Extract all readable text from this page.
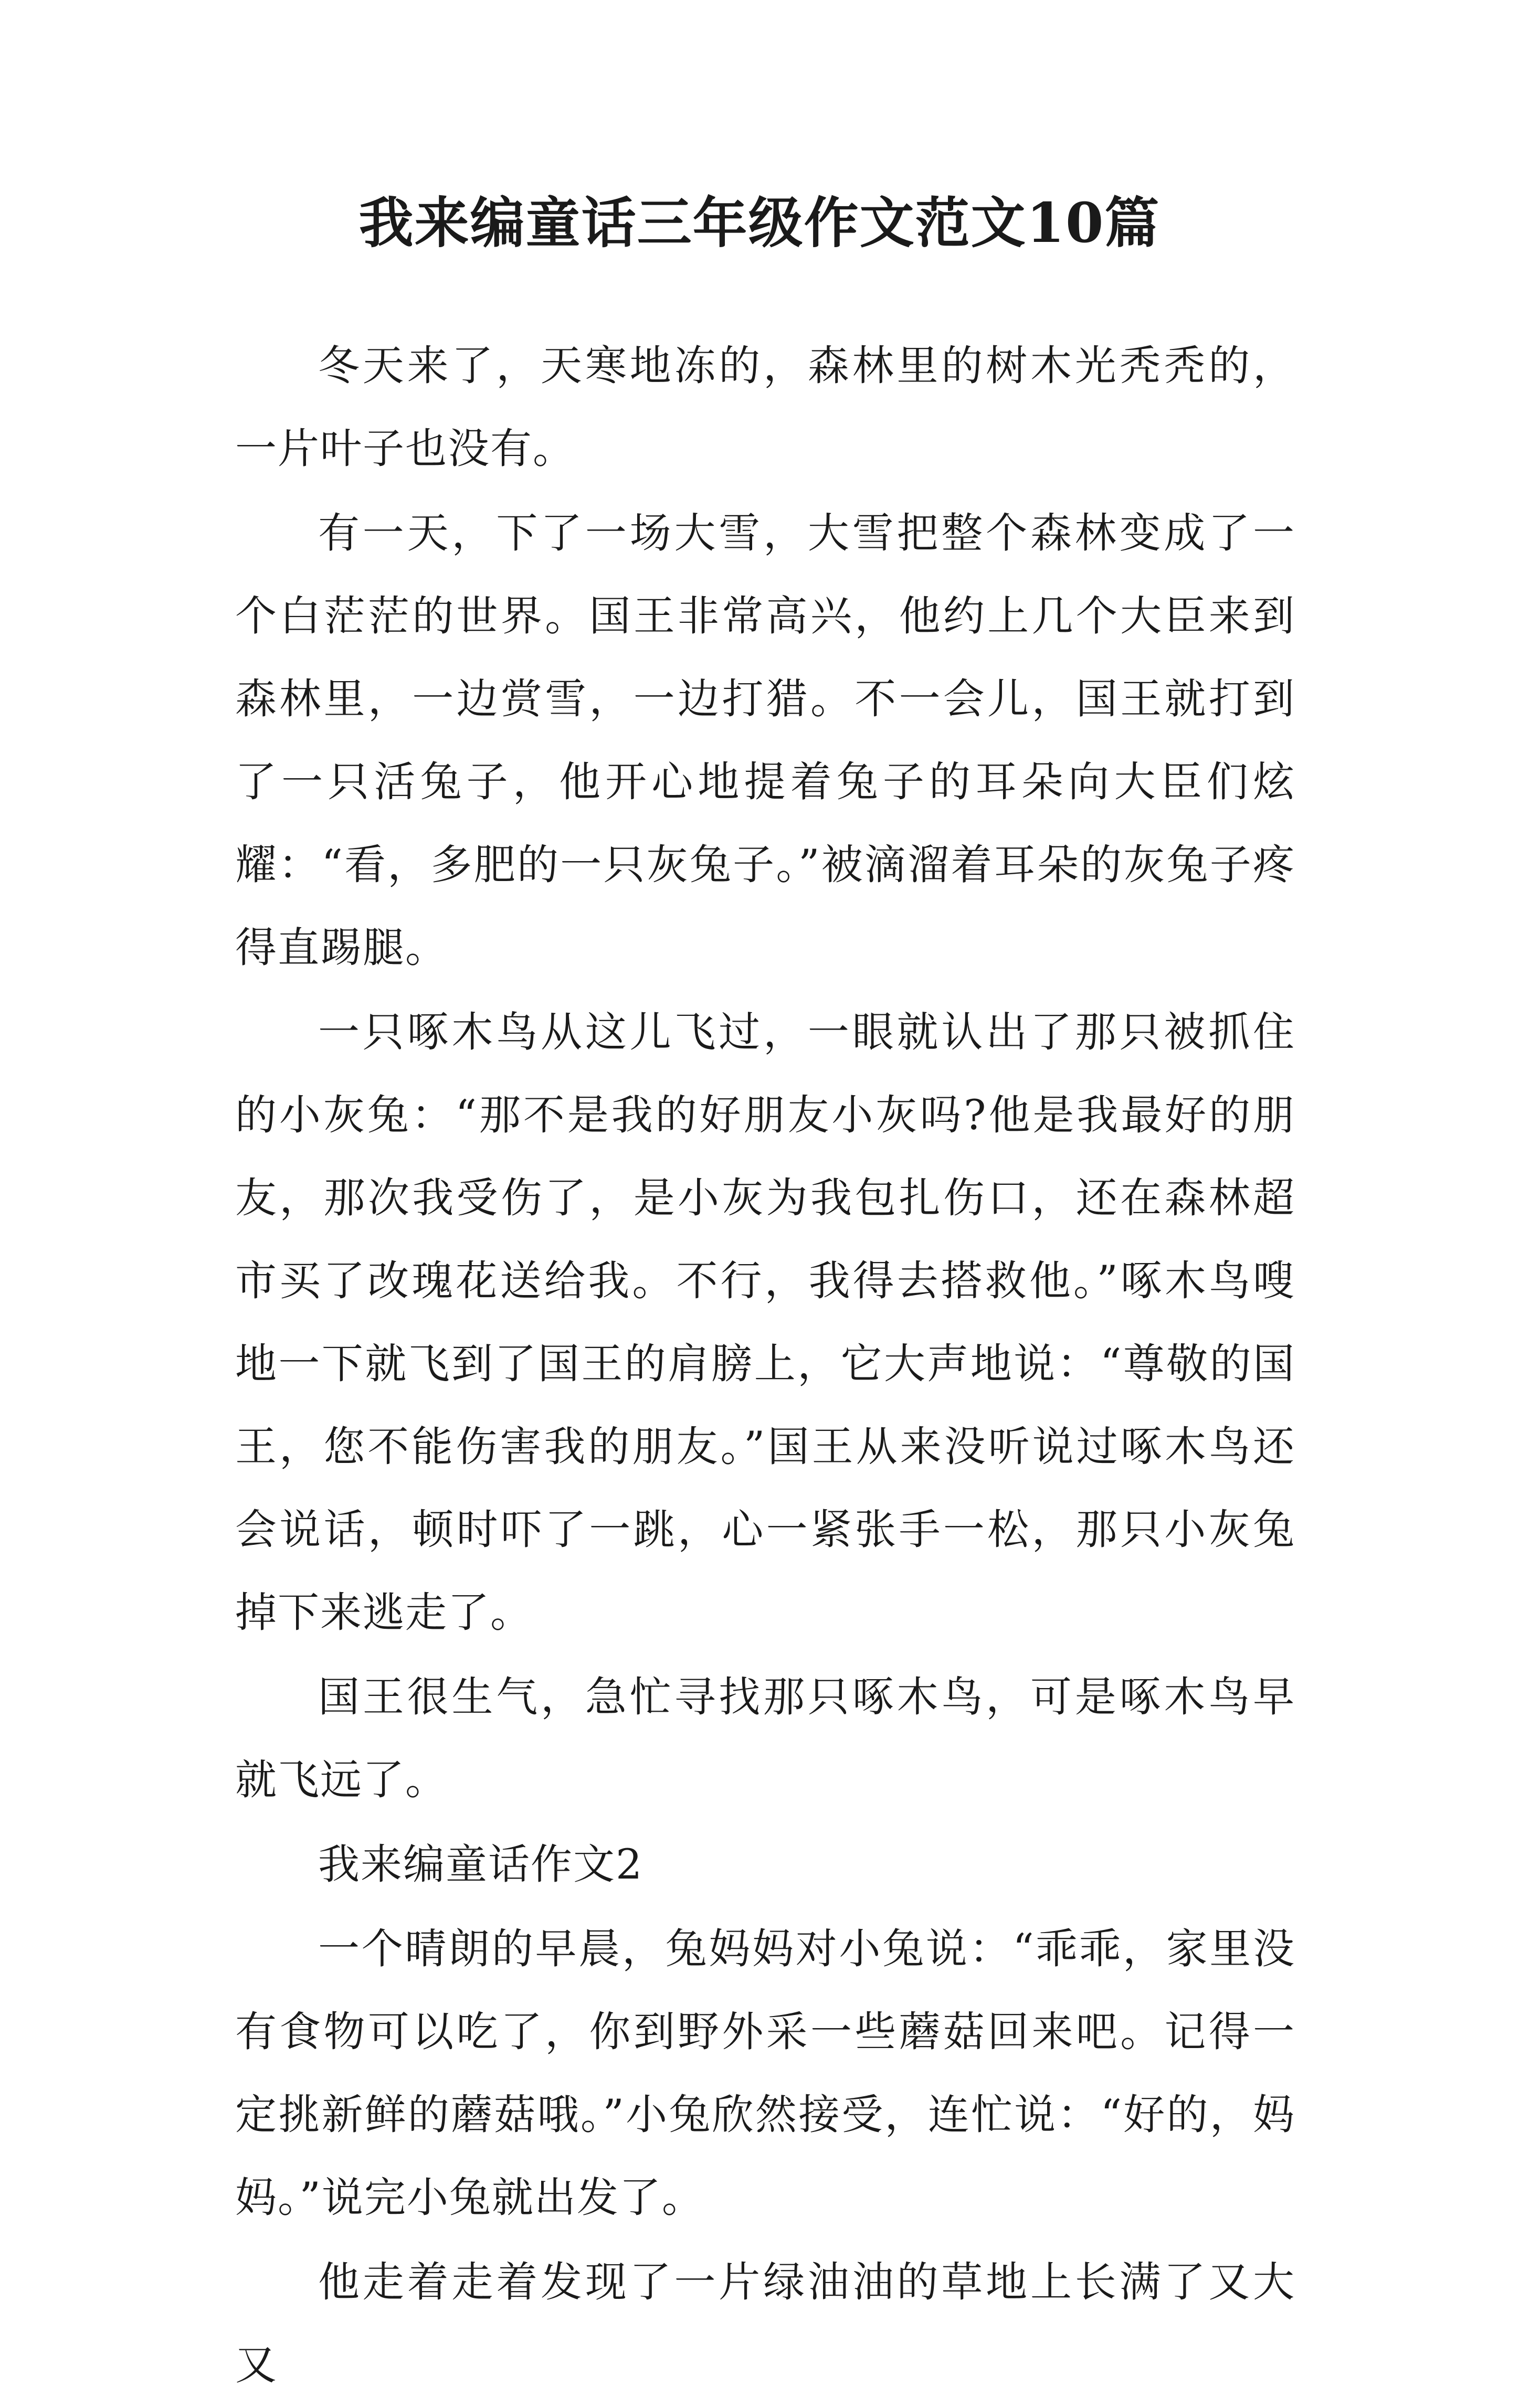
我来编童话三年级作文范文10篇

冬天来了，天寒地冻的，森林里的树木光秃秃的，一片叶子也没有。

有一天，下了一场大雪，大雪把整个森林变成了一个白茫茫的世界。国王非常高兴，他约上几个大臣来到森林里，一边赏雪，一边打猎。不一会儿，国王就打到了一只活兔子，他开心地提着兔子的耳朵向大臣们炫耀：“看，多肥的一只灰兔子。”被滴溜着耳朵的灰兔子疼得直踢腿。

一只啄木鸟从这儿飞过，一眼就认出了那只被抓住的小灰兔：“那不是我的好朋友小灰吗?他是我最好的朋友，那次我受伤了，是小灰为我包扎伤口，还在森林超市买了改瑰花送给我。不行，我得去搭救他。”啄木鸟嗖地一下就飞到了国王的肩膀上，它大声地说：“尊敬的国王，您不能伤害我的朋友。”国王从来没听说过啄木鸟还会说话，顿时吓了一跳，心一紧张手一松，那只小灰兔掉下来逃走了。

国王很生气，急忙寻找那只啄木鸟，可是啄木鸟早就飞远了。

我来编童话作文2

一个晴朗的早晨，兔妈妈对小兔说：“乖乖，家里没有食物可以吃了，你到野外采一些蘑菇回来吧。记得一定挑新鲜的蘑菇哦。”小兔欣然接受，连忙说：“好的，妈妈。”说完小兔就出发了。

他走着走着发现了一片绿油油的草地上长满了又大又
